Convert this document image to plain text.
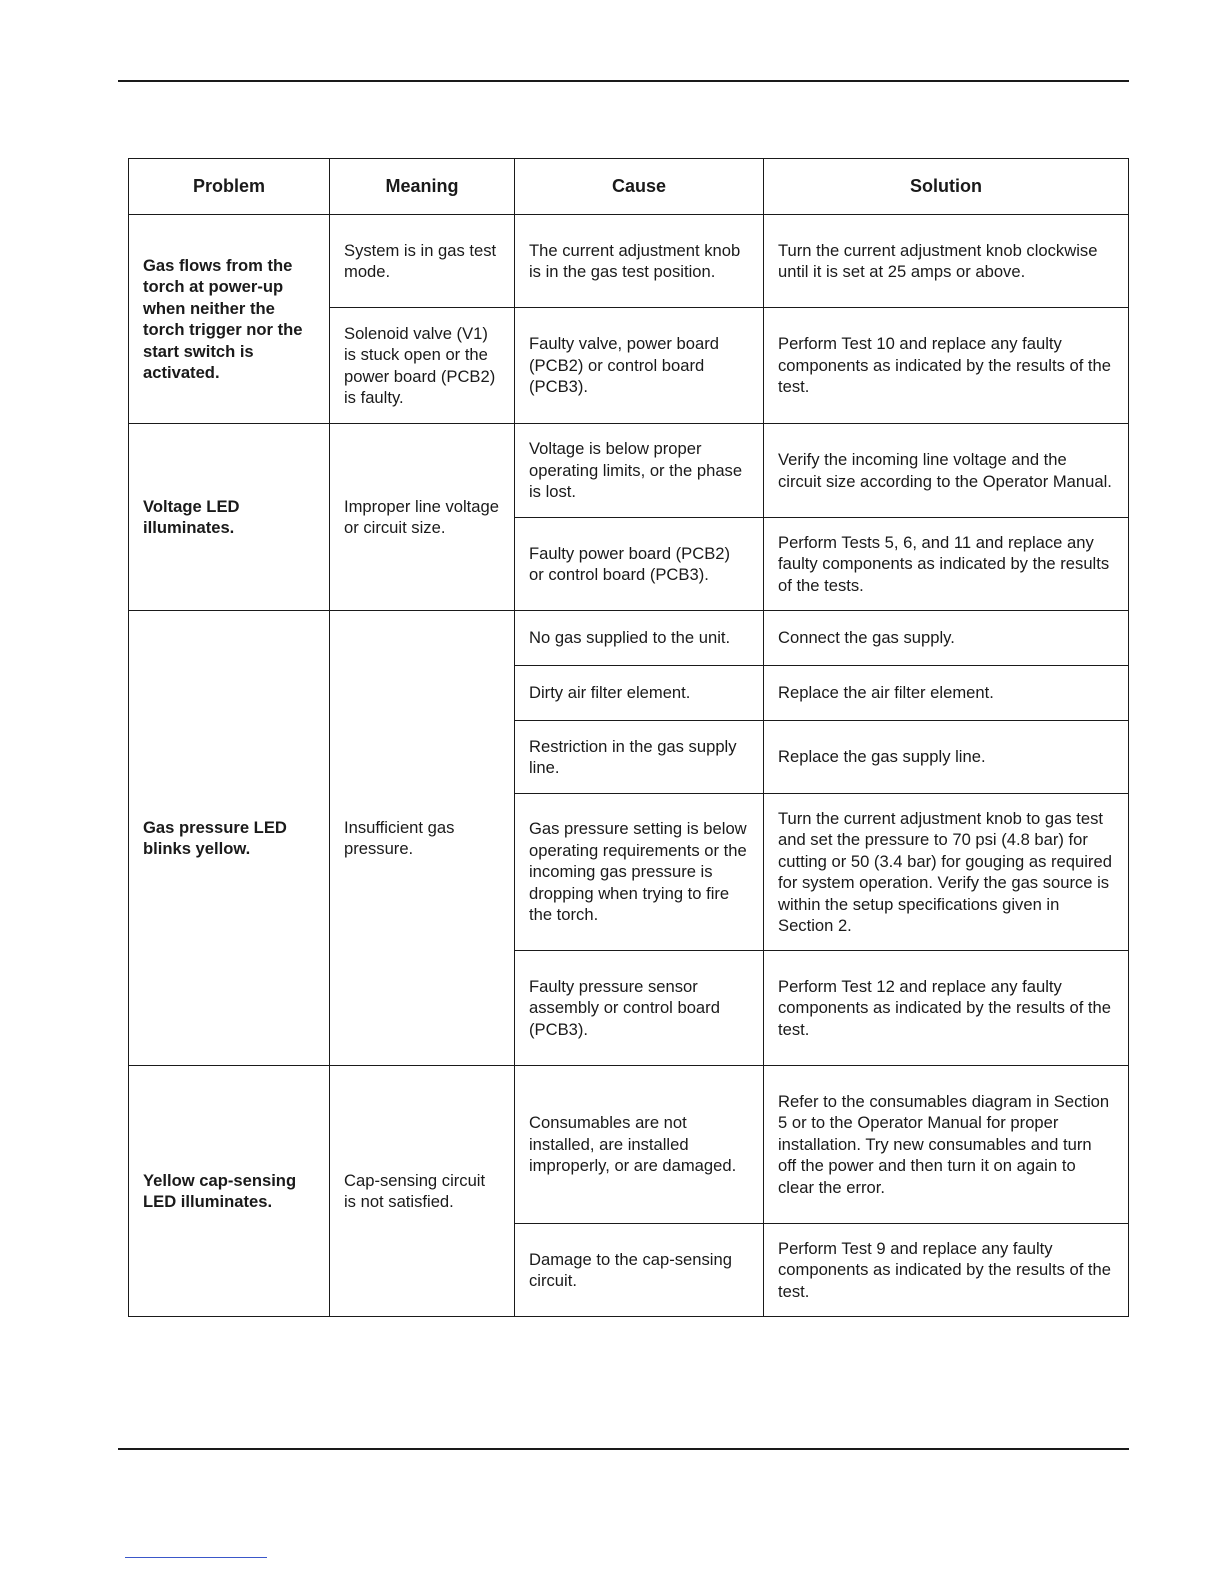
Problem	Meaning	Cause	Solution
Gas flows from the torch at power-up when neither the torch trigger nor the start switch is activated.	System is in gas test mode.	The current adjustment knob is in the gas test position.	Turn the current adjustment knob clockwise until it is set at 25 amps or above.
	Solenoid valve (V1) is stuck open or the power board (PCB2) is faulty.	Faulty valve, power board (PCB2) or control board (PCB3).	Perform Test 10 and replace any faulty components as indicated by the results of the test.
Voltage LED illuminates.	Improper line voltage or circuit size.	Voltage is below proper operating limits, or the phase is lost.	Verify the incoming line voltage and the circuit size according to the Operator Manual.
		Faulty power board (PCB2) or control board (PCB3).	Perform Tests 5, 6, and 11 and replace any faulty components as indicated by the results of the tests.
Gas pressure LED blinks yellow.	Insufficient gas pressure.	No gas supplied to the unit.	Connect the gas supply.
		Dirty air filter element.	Replace the air filter element.
		Restriction in the gas supply line.	Replace the gas supply line.
		Gas pressure setting is below operating requirements or the incoming gas pressure is dropping when trying to fire the torch.	Turn the current adjustment knob to gas test and set the pressure to 70 psi (4.8 bar) for cutting or 50 (3.4 bar) for gouging as required for system operation. Verify the gas source is within the setup specifications given in Section 2.
		Faulty pressure sensor assembly or control board (PCB3).	Perform Test 12 and replace any faulty components as indicated by the results of the test.
Yellow cap-sensing LED illuminates.	Cap-sensing circuit is not satisfied.	Consumables are not installed, are installed improperly, or are damaged.	Refer to the consumables diagram in Section 5 or to the Operator Manual for proper installation. Try new consumables and turn off the power and then turn it on again to clear the error.
		Damage to the cap-sensing circuit.	Perform Test 9 and replace any faulty components as indicated by the results of the test.
